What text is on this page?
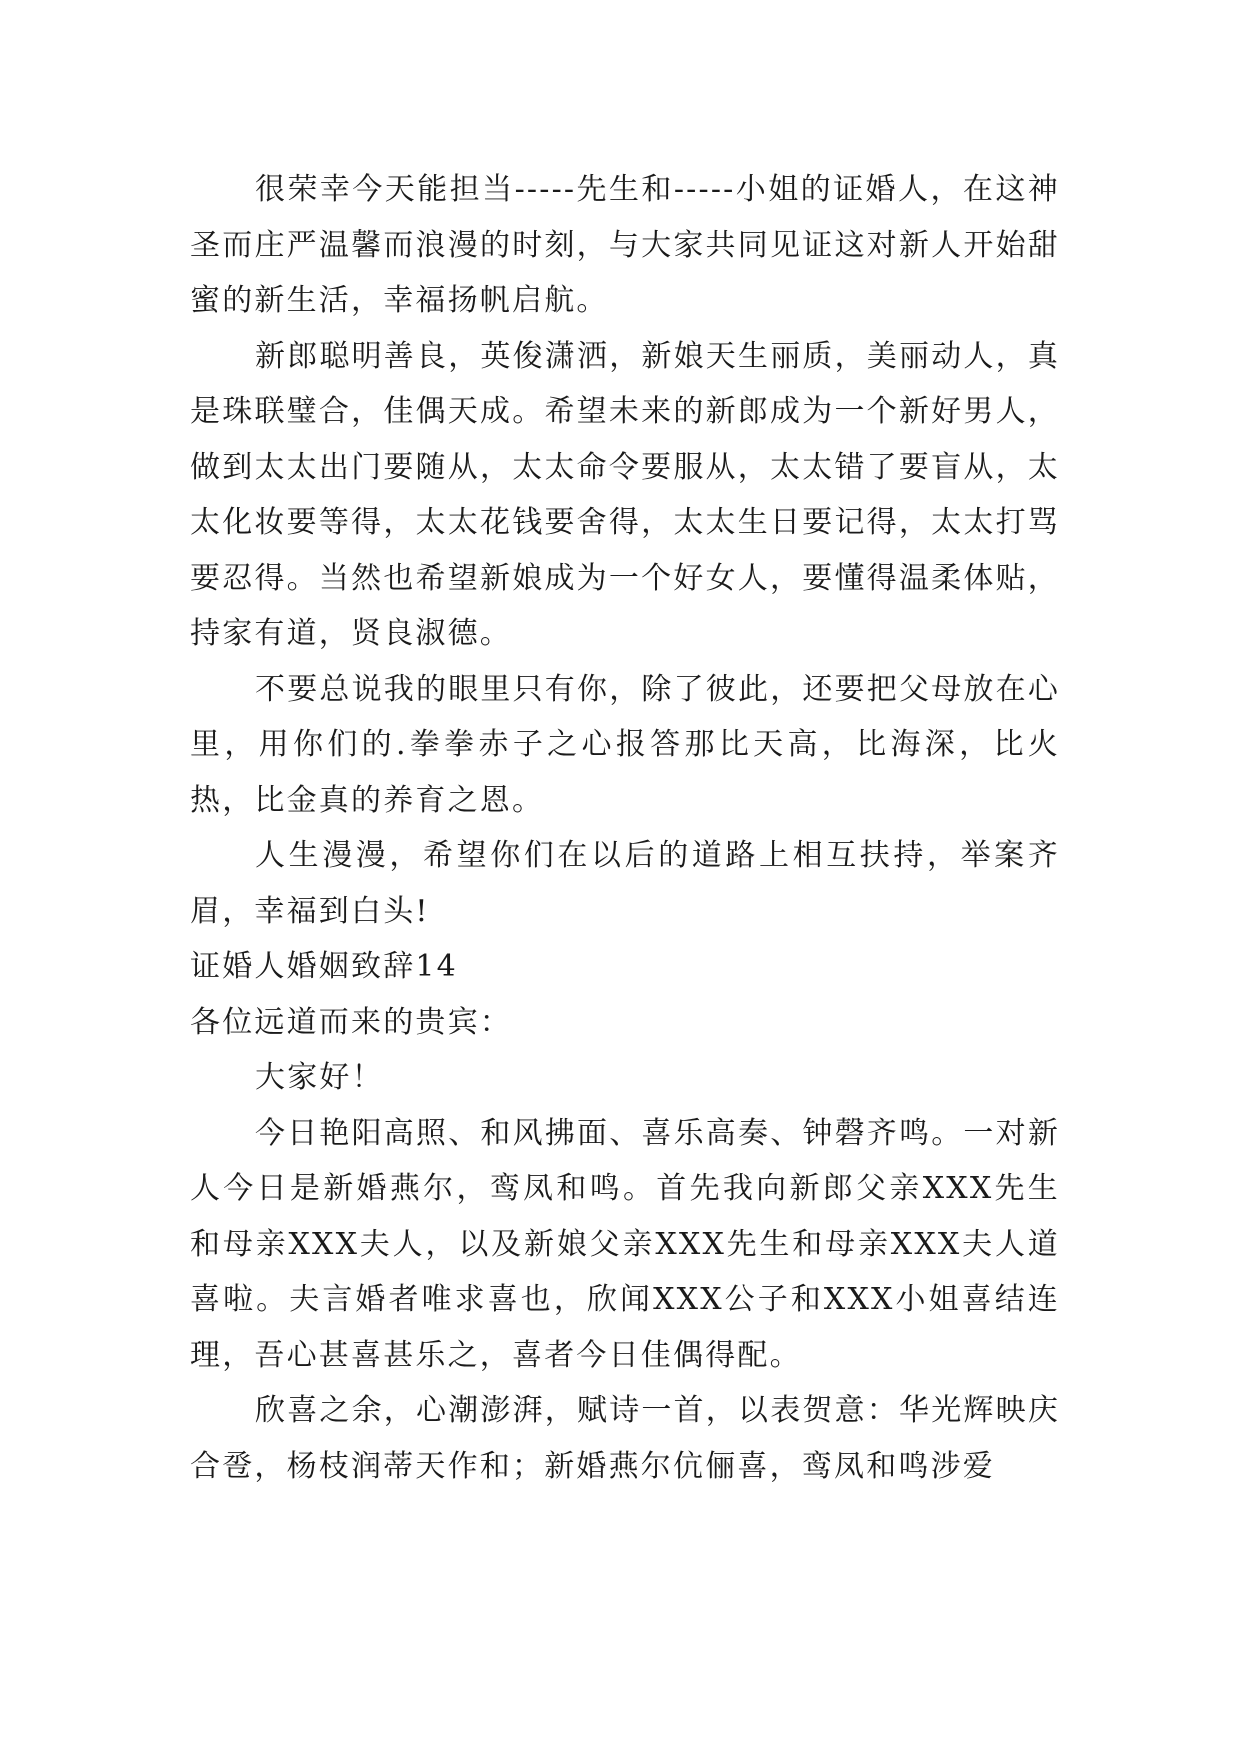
很荣幸今天能担当-----先生和-----小姐的证婚人，在这神圣而庄严温馨而浪漫的时刻，与大家共同见证这对新人开始甜蜜的新生活，幸福扬帆启航。

新郎聪明善良，英俊潇洒，新娘天生丽质，美丽动人，真是珠联璧合，佳偶天成。希望未来的新郎成为一个新好男人，做到太太出门要随从，太太命令要服从，太太错了要盲从，太太化妆要等得，太太花钱要舍得，太太生日要记得，太太打骂要忍得。当然也希望新娘成为一个好女人，要懂得温柔体贴，持家有道，贤良淑德。

不要总说我的眼里只有你，除了彼此，还要把父母放在心里，用你们的.拳拳赤子之心报答那比天高，比海深，比火热，比金真的养育之恩。

人生漫漫，希望你们在以后的道路上相互扶持，举案齐眉，幸福到白头!

证婚人婚姻致辞14

各位远道而来的贵宾：

大家好！

今日艳阳高照、和风拂面、喜乐高奏、钟磬齐鸣。一对新人今日是新婚燕尔，鸾凤和鸣。首先我向新郎父亲XXX先生和母亲XXX夫人，以及新娘父亲XXX先生和母亲XXX夫人道喜啦。夫言婚者唯求喜也，欣闻XXX公子和XXX小姐喜结连理，吾心甚喜甚乐之，喜者今日佳偶得配。

欣喜之余，心潮澎湃，赋诗一首，以表贺意：华光辉映庆合卺，杨枝润蒂天作和；新婚燕尔伉俪喜，鸾凤和鸣涉爱
